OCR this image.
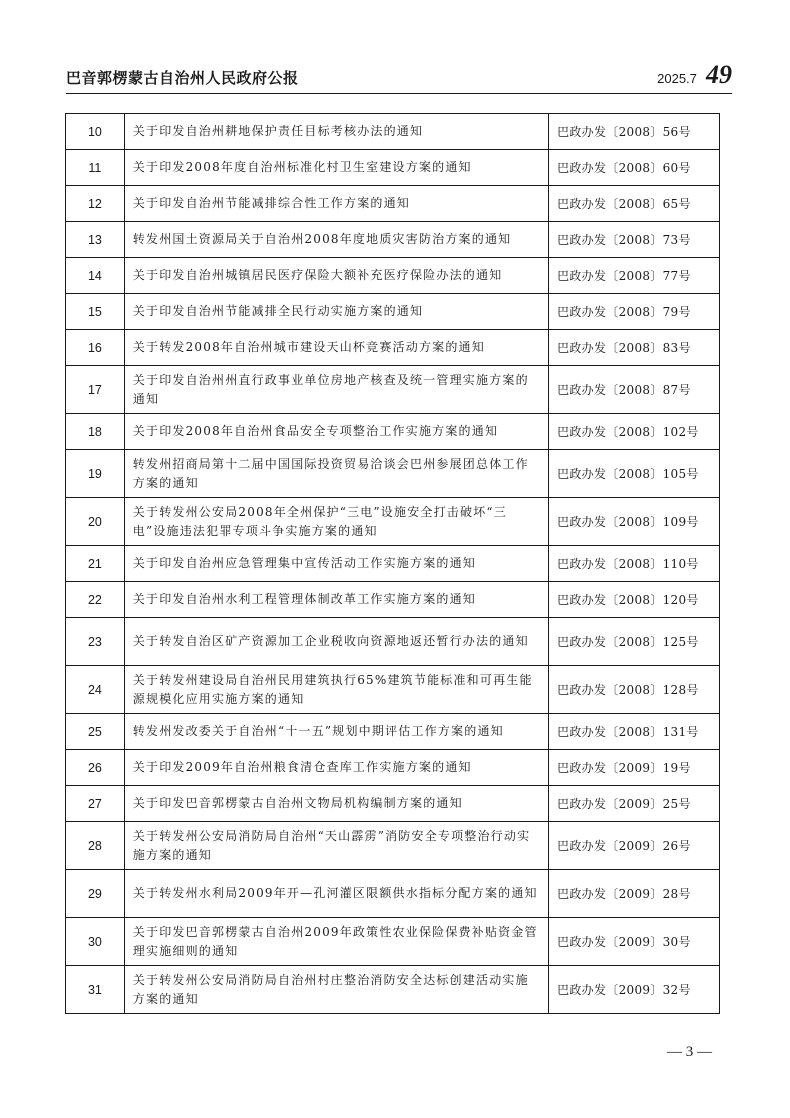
巴音郭楞蒙古自治州人民政府公报	2025.7 49
10	关于印发自治州耕地保护责任目标考核办法的通知	巴政办发〔2008〕56号
11	关于印发2008年度自治州标准化村卫生室建设方案的通知	巴政办发〔2008〕60号
12	关于印发自治州节能减排综合性工作方案的通知	巴政办发〔2008〕65号
13	转发州国土资源局关于自治州2008年度地质灾害防治方案的通知	巴政办发〔2008〕73号
14	关于印发自治州城镇居民医疗保险大额补充医疗保险办法的通知	巴政办发〔2008〕77号
15	关于印发自治州节能减排全民行动实施方案的通知	巴政办发〔2008〕79号
16	关于转发2008年自治州城市建设天山杯竞赛活动方案的通知	巴政办发〔2008〕83号
17	关于印发自治州州直行政事业单位房地产核查及统一管理实施方案的通知	巴政办发〔2008〕87号
18	关于印发2008年自治州食品安全专项整治工作实施方案的通知	巴政办发〔2008〕102号
19	转发州招商局第十二届中国国际投资贸易洽谈会巴州参展团总体工作方案的通知	巴政办发〔2008〕105号
20	关于转发州公安局2008年全州保护“三电”设施安全打击破坏“三电”设施违法犯罪专项斗争实施方案的通知	巴政办发〔2008〕109号
21	关于印发自治州应急管理集中宣传活动工作实施方案的通知	巴政办发〔2008〕110号
22	关于印发自治州水利工程管理体制改革工作实施方案的通知	巴政办发〔2008〕120号
23	关于转发自治区矿产资源加工企业税收向资源地返还暂行办法的通知	巴政办发〔2008〕125号
24	关于转发州建设局自治州民用建筑执行65%建筑节能标准和可再生能源规模化应用实施方案的通知	巴政办发〔2008〕128号
25	转发州发改委关于自治州“十一五”规划中期评估工作方案的通知	巴政办发〔2008〕131号
26	关于印发2009年自治州粮食清仓查库工作实施方案的通知	巴政办发〔2009〕19号
27	关于印发巴音郭楞蒙古自治州文物局机构编制方案的通知	巴政办发〔2009〕25号
28	关于转发州公安局消防局自治州“天山霹雳”消防安全专项整治行动实施方案的通知	巴政办发〔2009〕26号
29	关于转发州水利局2009年开—孔河灌区限额供水指标分配方案的通知	巴政办发〔2009〕28号
30	关于印发巴音郭楞蒙古自治州2009年政策性农业保险保费补贴资金管理实施细则的通知	巴政办发〔2009〕30号
31	关于转发州公安局消防局自治州村庄整治消防安全达标创建活动实施方案的通知	巴政办发〔2009〕32号
— 3 —
